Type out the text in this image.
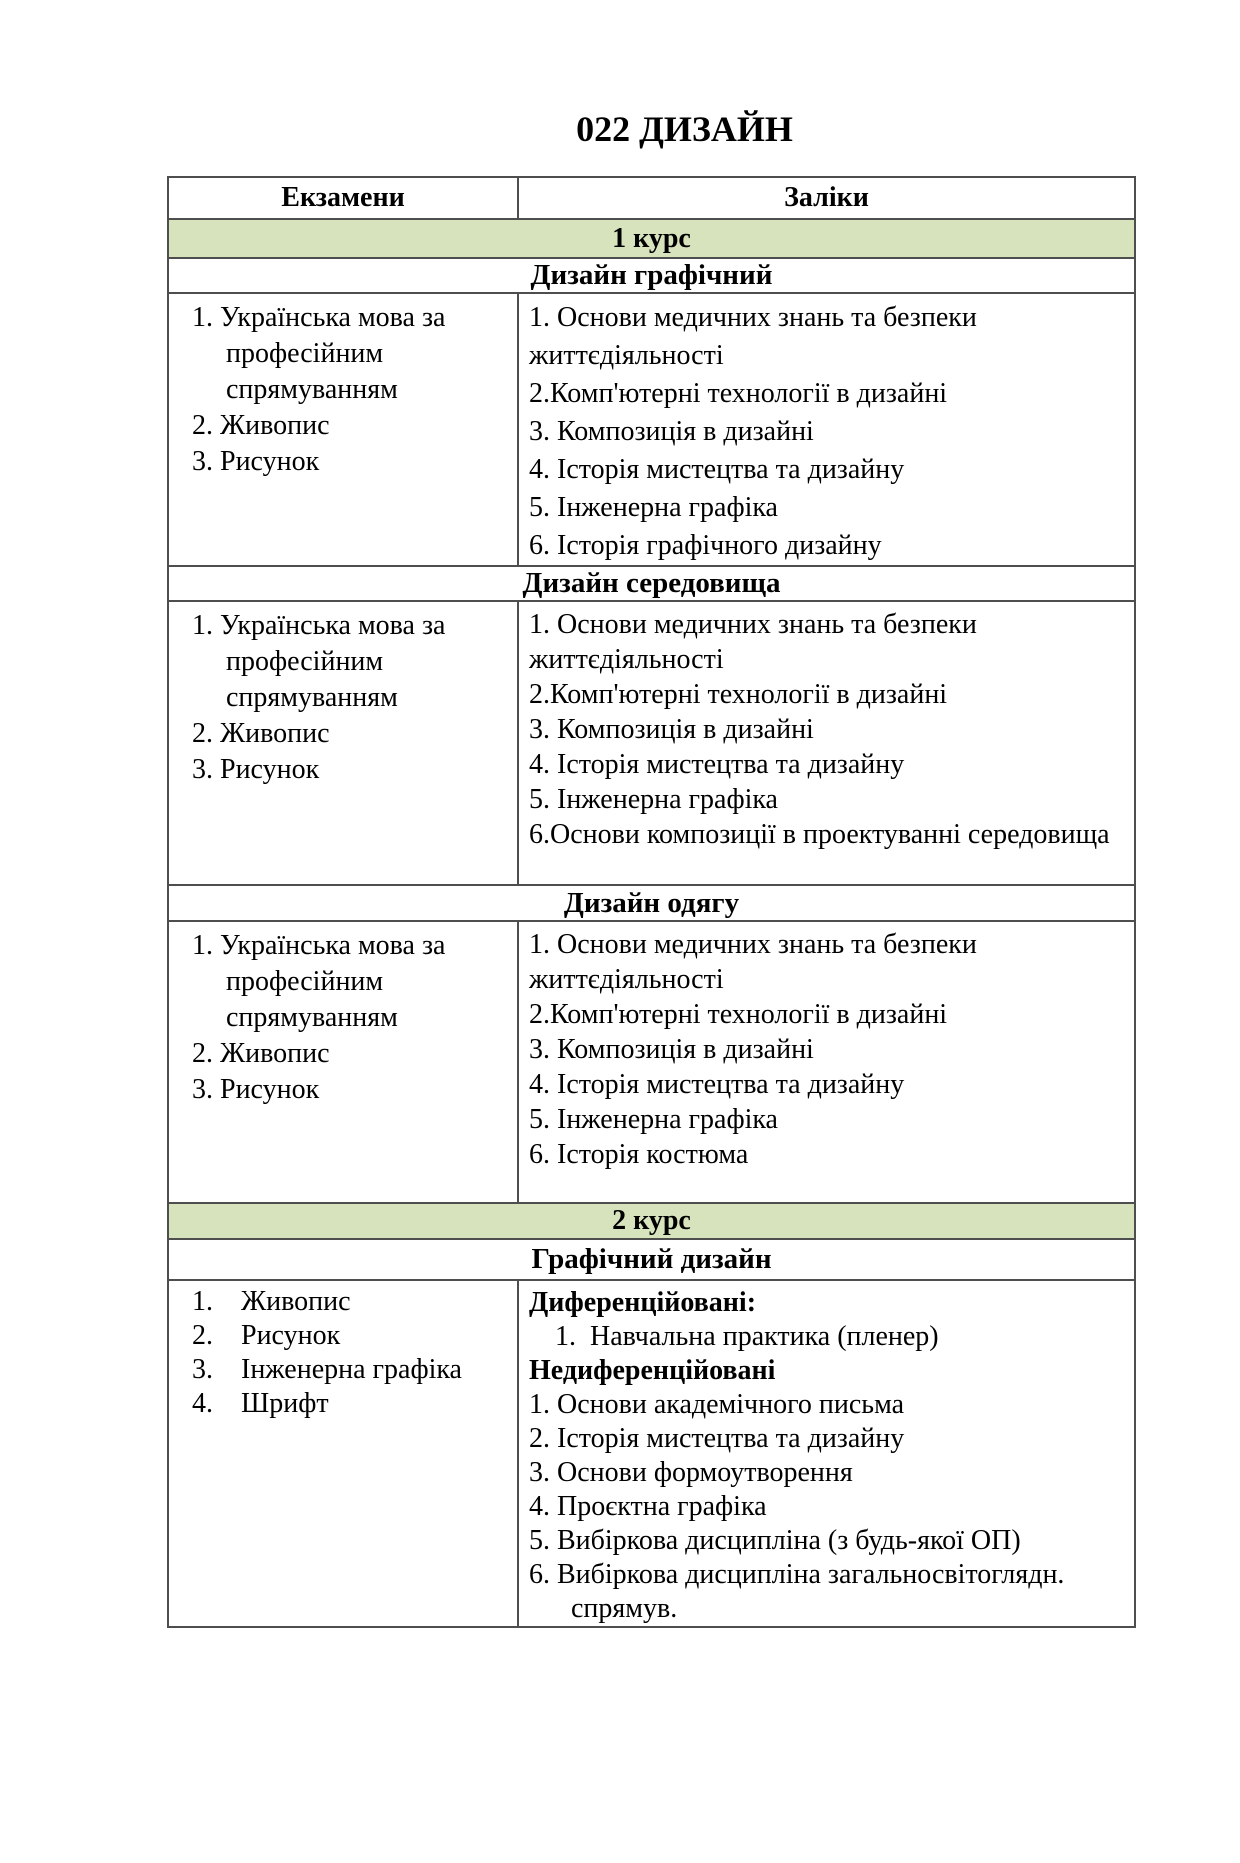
022 ДИЗАЙН
Екзамени	Заліки
1 курс
Дизайн графічний
1. Українська мова за професійним спрямуванням
2. Живопис
3. Рисунок
1. Основи медичних знань та безпеки життєдіяльності
2.Комп'ютерні технології в дизайні
3. Композиція в дизайні
4. Історія мистецтва та дизайну
5. Інженерна графіка
6. Історія графічного дизайну
Дизайн середовища
1. Українська мова за професійним спрямуванням
2. Живопис
3. Рисунок
1. Основи медичних знань та безпеки життєдіяльності
2.Комп'ютерні технології в дизайні
3. Композиція в дизайні
4. Історія мистецтва та дизайну
5. Інженерна графіка
6.Основи композиції в проектуванні середовища
Дизайн одягу
1. Українська мова за професійним спрямуванням
2. Живопис
3. Рисунок
1. Основи медичних знань та безпеки життєдіяльності
2.Комп'ютерні технології в дизайні
3. Композиція в дизайні
4. Історія мистецтва та дизайну
5. Інженерна графіка
6. Історія костюма
2 курс
Графічний дизайн
1.    Живопис
2.    Рисунок
3.    Інженерна графіка
4.    Шрифт
Диференційовані:
1.  Навчальна практика (пленер)
Недиференційовані
1. Основи академічного письма
2. Історія мистецтва та дизайну
3. Основи формоутворення
4. Проєктна графіка
5. Вибіркова дисципліна (з будь-якої ОП)
6. Вибіркова дисципліна загальносвітоглядн. спрямув.
